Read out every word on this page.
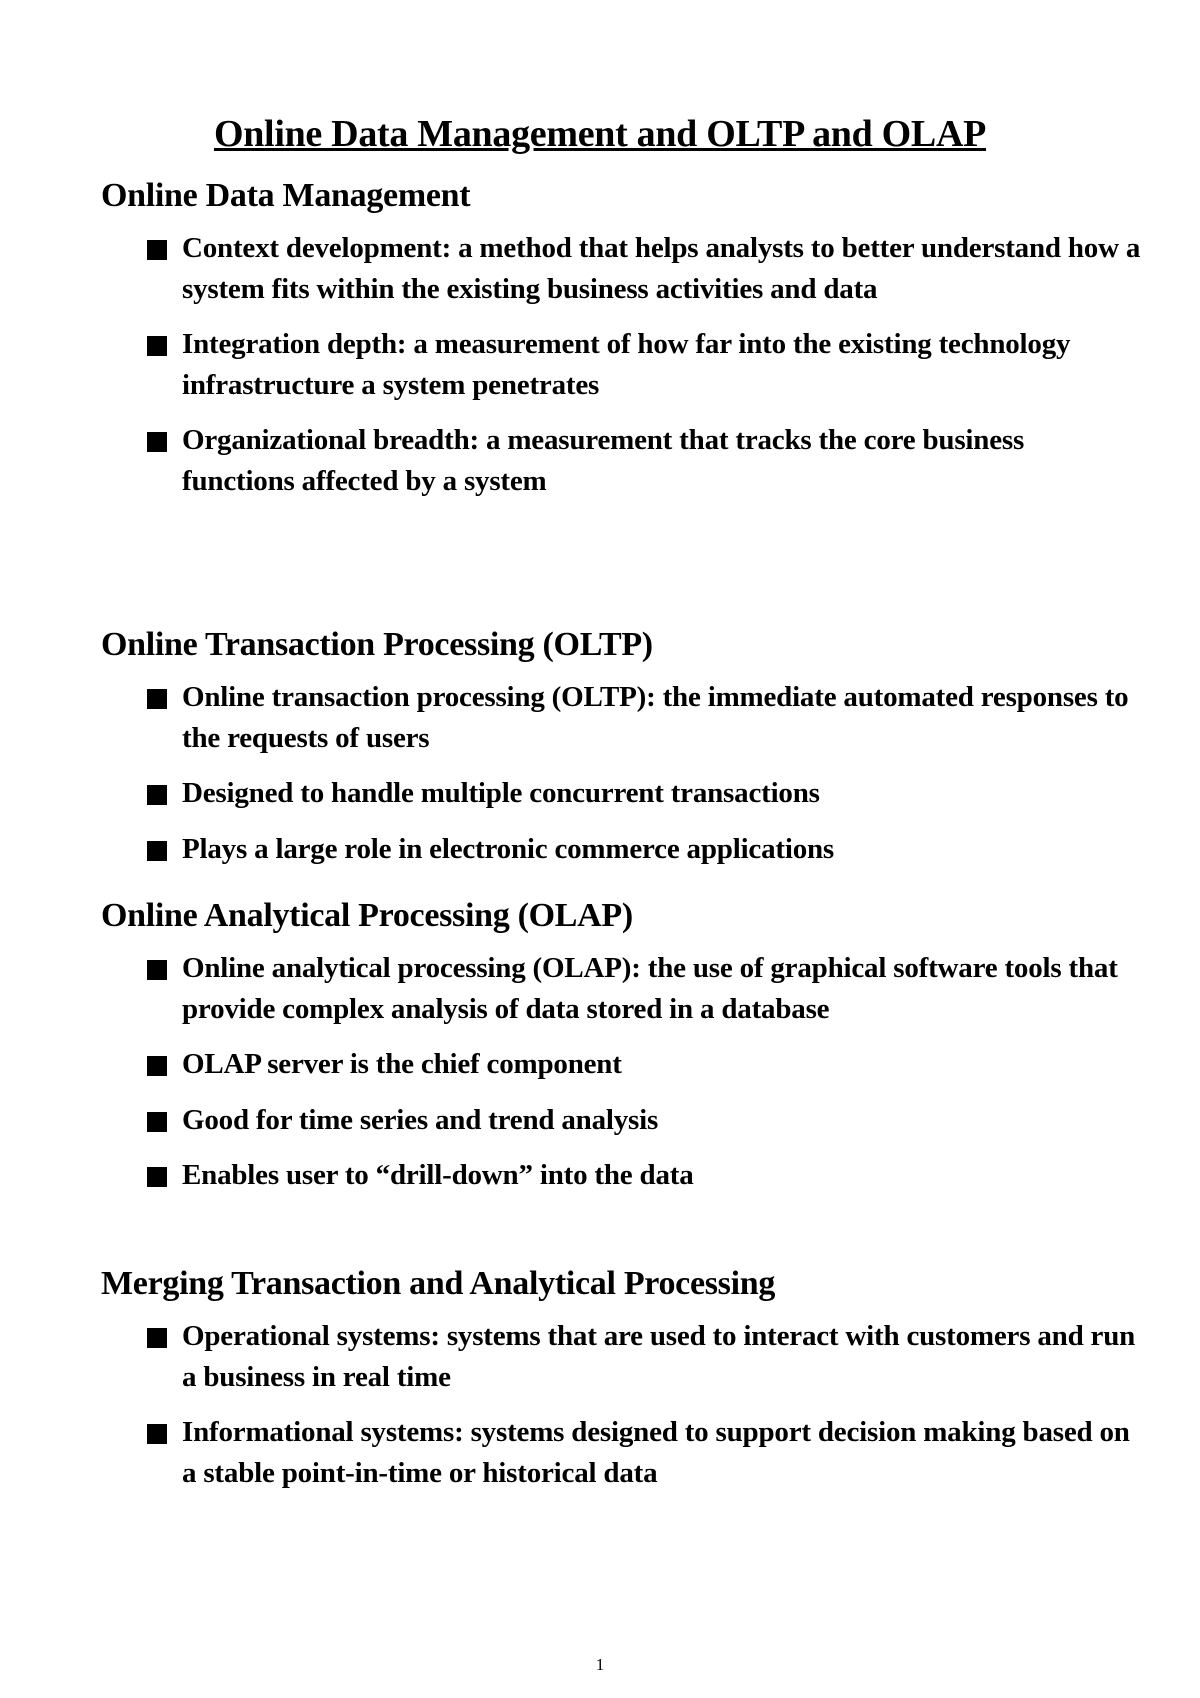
Online Data Management and OLTP and OLAP
Online Data Management
Context development: a method that helps analysts to better understand how a system fits within the existing business activities and data
Integration depth: a measurement of how far into the existing technology infrastructure a system penetrates
Organizational breadth: a measurement that tracks the core business functions affected by a system
Online Transaction Processing (OLTP)
Online transaction processing (OLTP): the immediate automated responses to the requests of users
Designed to handle multiple concurrent transactions
Plays a large role in electronic commerce applications
Online Analytical Processing (OLAP)
Online analytical processing (OLAP): the use of graphical software tools that provide complex analysis of data stored in a database
OLAP server is the chief component
Good for time series and trend analysis
Enables user to “drill-down” into the data
Merging Transaction and Analytical Processing
Operational systems: systems that are used to interact with customers and run a business in real time
Informational systems: systems designed to support decision making based on a stable point-in-time or historical data
1
